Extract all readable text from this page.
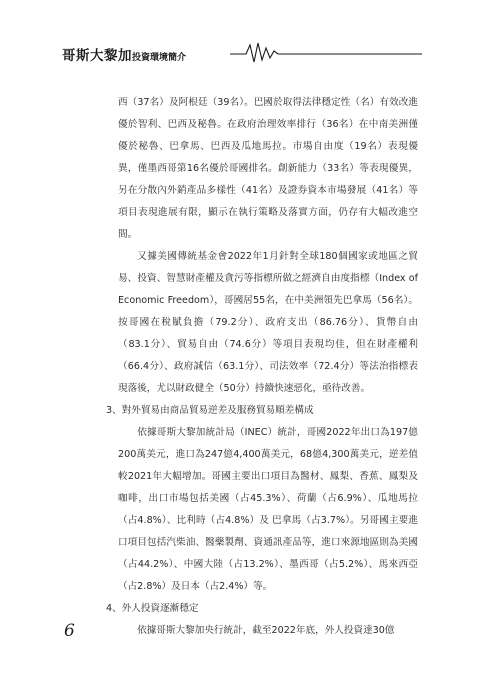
哥斯大黎加投資環境簡介

西（37名）及阿根廷（39名）。巴國於取得法律穩定性（名）有效改進優於智利、巴西及秘魯。在政府治理效率排行（36名）在中南美洲僅優於秘魯、巴拿馬、巴西及瓜地馬拉。市場自由度（19名）表現優異，僅墨西哥第16名優於哥國排名。創新能力（33名）等表現優異，另在分散內外銷產品多樣性（41名）及證券資本市場發展（41名）等項目表現進展有限，顯示在執行策略及落實方面，仍存有大幅改進空間。

又據美國傳統基金會2022年1月針對全球180個國家或地區之貿易、投資、智慧財產權及貪污等指標所做之經濟自由度指標（Index of Economic Freedom），哥國居55名，在中美洲領先巴拿馬（56名）。按哥國在稅賦負擔（79.2分）、政府支出（86.76分）、貨幣自由（83.1分）、貿易自由（74.6分）等項目表現均佳，但在財產權利（66.4分）、政府誠信（63.1分）、司法效率（72.4分）等法治指標表現落後，尤以財政健全（50分）持續快速惡化，亟待改善。

3、對外貿易由商品貿易逆差及服務貿易順差構成

依據哥斯大黎加統計局（INEC）統計，哥國2022年出口為197億200萬美元，進口為247億4,400萬美元，68億4,300萬美元，逆差值較2021年大幅增加。哥國主要出口項目為醫材、鳳梨、香蕉、鳳梨及咖啡，出口市場包括美國（占45.3%）、荷蘭（占6.9%）、瓜地馬拉（占4.8%）、比利時（占4.8%）及 巴拿馬（占3.7%）。另哥國主要進口項目包括汽柴油、醫藥製劑、資通訊產品等，進口來源地區則為美國（占44.2%）、中國大陸（占13.2%）、墨西哥（占5.2%）、馬來西亞（占2.8%）及日本（占2.4%）等。

4、外人投資逐漸穩定

依據哥斯大黎加央行統計，截至2022年底，外人投資達30億

6
